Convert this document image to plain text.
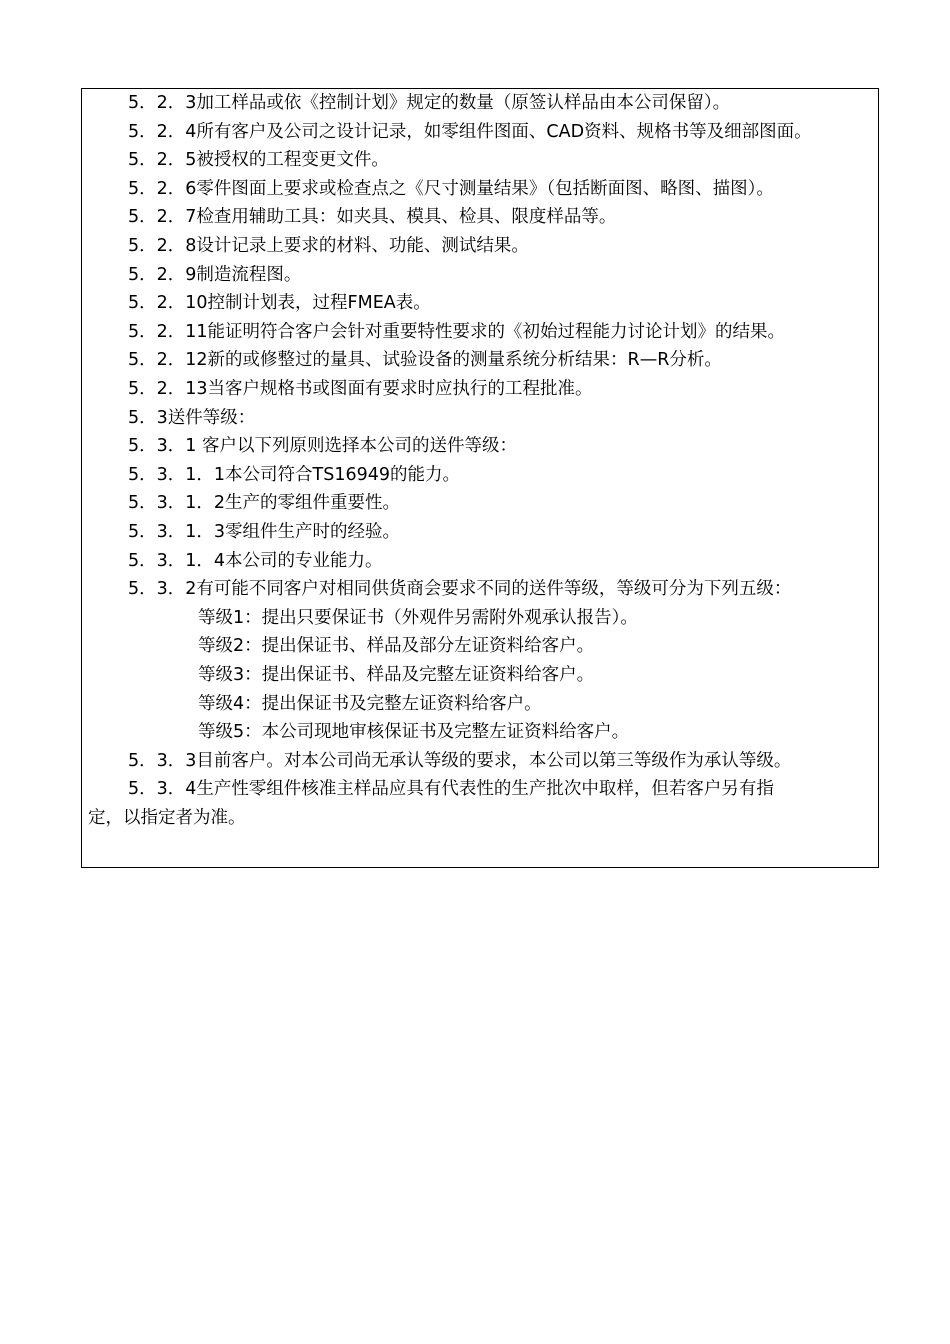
5．2．3加工样品或依《控制计划》规定的数量（原签认样品由本公司保留）。
5．2．4所有客户及公司之设计记录，如零组件图面、CAD资料、规格书等及细部图面。
5．2．5被授权的工程变更文件。
5．2．6零件图面上要求或检查点之《尺寸测量结果》（包括断面图、略图、描图）。
5．2．7检查用辅助工具：如夹具、模具、检具、限度样品等。
5．2．8设计记录上要求的材料、功能、测试结果。
5．2．9制造流程图。
5．2．10控制计划表，过程FMEA表。
5．2．11能证明符合客户会针对重要特性要求的《初始过程能力讨论计划》的结果。
5．2．12新的或修整过的量具、试验设备的测量系统分析结果：R—R分析。
5．2．13当客户规格书或图面有要求时应执行的工程批准。
5．3送件等级：
5．3．1 客户以下列原则选择本公司的送件等级：
5．3．1．1本公司符合TS16949的能力。
5．3．1．2生产的零组件重要性。
5．3．1．3零组件生产时的经验。
5．3．1．4本公司的专业能力。
5．3．2有可能不同客户对相同供货商会要求不同的送件等级，等级可分为下列五级：
等级1：提出只要保证书（外观件另需附外观承认报告）。
等级2：提出保证书、样品及部分左证资料给客户。
等级3：提出保证书、样品及完整左证资料给客户。
等级4：提出保证书及完整左证资料给客户。
等级5：本公司现地审核保证书及完整左证资料给客户。
5．3．3目前客户。对本公司尚无承认等级的要求，本公司以第三等级作为承认等级。
5．3．4生产性零组件核准主样品应具有代表性的生产批次中取样，但若客户另有指
定，以指定者为准。
